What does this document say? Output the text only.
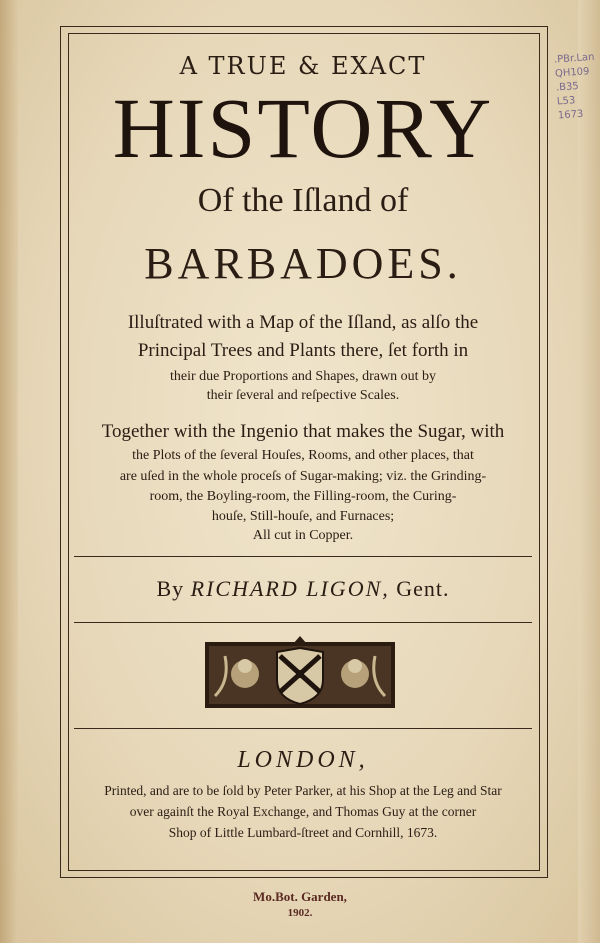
A TRUE & EXACT
HISTORY
Of the Iſland of
BARBADOES.
Illuſtrated with a Map of the Iſland, as alſo the
Principal Trees and Plants there, ſet forth in
their due Proportions and Shapes, drawn out by
their ſeveral and reſpective Scales.
Together with the Ingenio that makes the Sugar, with
the Plots of the ſeveral Houſes, Rooms, and other places, that
are uſed in the whole proceſs of Sugar-making; viz. the Grinding-
room, the Boyling-room, the Filling-room, the Curing-
houſe, Still-houſe, and Furnaces;
All cut in Copper.
By RICHARD LIGON, Gent.
LONDON,
Printed, and are to be ſold by Peter Parker, at his Shop at the Leg and Star
over againſt the Royal Exchange, and Thomas Guy at the corner
Shop of Little Lumbard-ſtreet and Cornhill, 1673.
Mo.Bot. Garden,
1902.
.PBr.Lan
QH109
.B35
L53
1673
